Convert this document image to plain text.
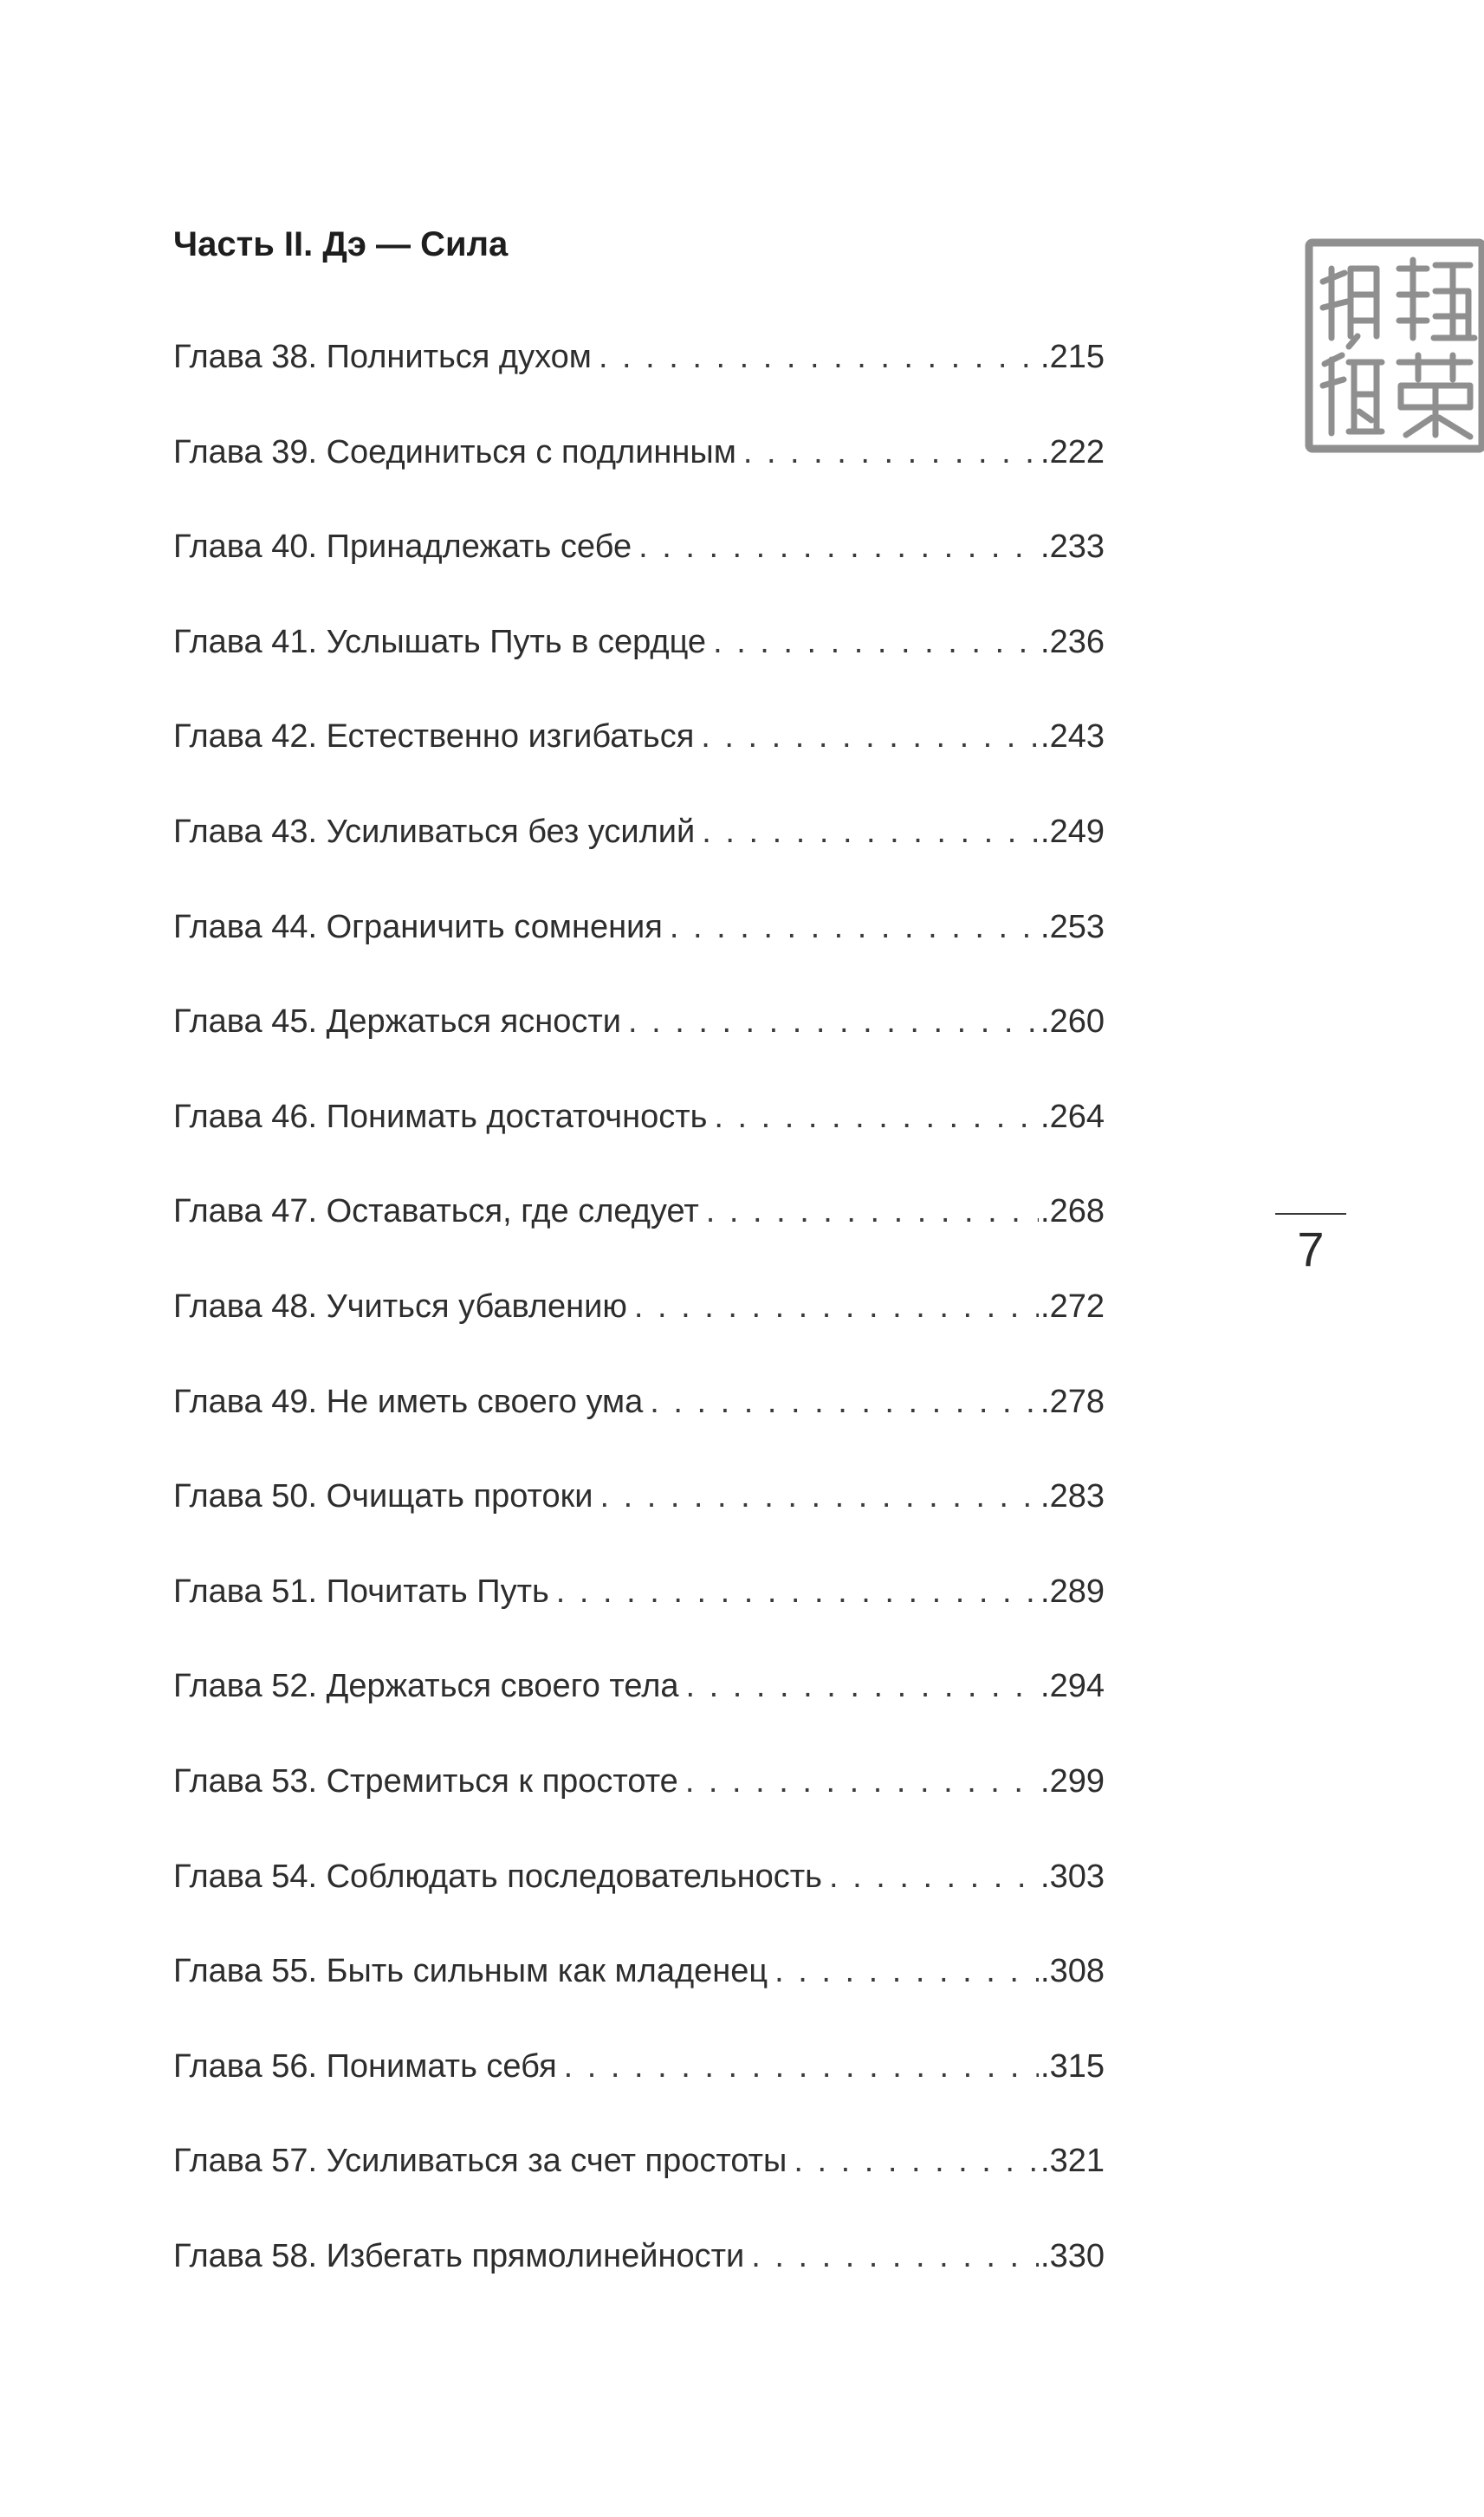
Часть II. Дэ — Сила
Глава 38. Полниться духом . . .	.215
Глава 39. Соединиться с подлинным . . .	.222
Глава 40. Принадлежать себе . . .	.233
Глава 41. Услышать Путь в сердце . . .	.236
Глава 42. Естественно изгибаться . . .	.243
Глава 43. Усиливаться без усилий . . .	.249
Глава 44. Ограничить сомнения . . .	.253
Глава 45. Держаться ясности . . .	.260
Глава 46. Понимать достаточность . . .	.264
Глава 47. Оставаться, где следует . . .	.268
Глава 48. Учиться убавлению . . .	.272
Глава 49. Не иметь своего ума . . .	.278
Глава 50. Очищать протоки . . .	.283
Глава 51. Почитать Путь . . .	.289
Глава 52. Держаться своего тела . . .	.294
Глава 53. Стремиться к простоте . . .	.299
Глава 54. Соблюдать последовательность . . .	.303
Глава 55. Быть сильным как младенец . . .	.308
Глава 56. Понимать себя . . .	.315
Глава 57. Усиливаться за счет простоты . . .	.321
Глава 58. Избегать прямолинейности . . .	.330
7
